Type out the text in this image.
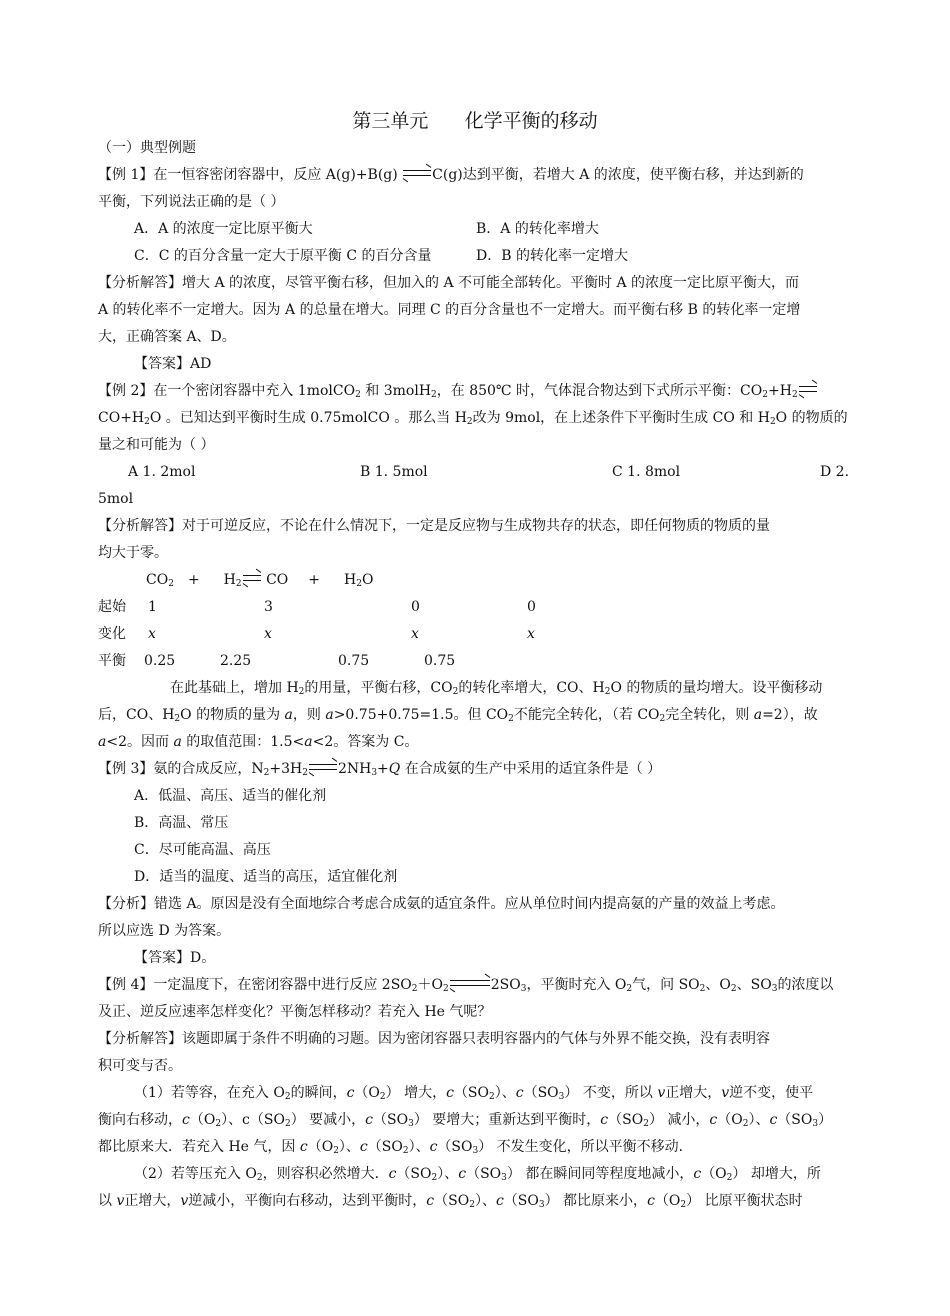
第三单元      化学平衡的移动
（一）典型例题
【例 1】在一恒容密闭容器中，反应 A(g)+B(g)
C(g)达到平衡，若增大 A 的浓度，使平衡右移，并达到新的
平衡，下列说法正确的是（ ）
A．A 的浓度一定比原平衡大	B．A 的转化率增大
C．C 的百分含量一定大于原平衡 C 的百分含量	D．B 的转化率一定增大
【分析解答】增大 A 的浓度，尽管平衡右移，但加入的 A 不可能全部转化。平衡时 A 的浓度一定比原平衡大，而
A 的转化率不一定增大。因为 A 的总量在增大。同理 C 的百分含量也不一定增大。而平衡右移 B 的转化率一定增
大，正确答案 A、D。
【答案】AD
【例 2】在一个密闭容器中充入 1molCO$_2$ 和 3molH$_2$，在 850℃ 时，气体混合物达到下式所示平衡：$CO_2+H_2$
$CO+H_2O$ 。已知达到平衡时生成 0.75molCO 。那么当 $H_2$改为 9mol，在上述条件下平衡时生成 CO 和 $H_2O$ 的物质的
量之和可能为（ ）
A 1. 2mol	B 1. 5mol	C 1. 8mol	D 2.
5mol
【分析解答】对于可逆反应，不论在什么情况下，一定是反应物与生成物共存的状态，即任何物质的物质的量
均大于零。
$CO_2 + H_2$
CO + $H_2O$
起始 1	3	0	0
变化 x	x	x	x
平衡 0.25	2.25	0.75	0.75
在此基础上，增加 $H_2$的用量，平衡右移，$CO_2$的转化率增大，CO、$H_2O$ 的物质的量均增大。设平衡移动
后，CO、$H_2O$ 的物质的量为 a，则 a>0.75+0.75=1.5。但 $CO_2$不能完全转化，（若 $CO_2$完全转化，则 a=2），故
a<2。因而 a 的取值范围：1.5<a<2。答案为 C。
【例 3】氨的合成反应，$N_2+3H_2$ $2NH_3+Q$ 在合成氨的生产中采用的适宜条件是（ ）
A．低温、高压、适当的催化剂
B．高温、常压
C．尽可能高温、高压
D．适当的温度、适当的高压，适宜催化剂
【分析】错选 A。原因是没有全面地综合考虑合成氨的适宜条件。应从单位时间内提高氨的产量的效益上考虑。
所以应选 D 为答案。
【答案】D。
【例 4】一定温度下，在密闭容器中进行反应 $2SO_2+O_2$	$2SO_3$，平衡时充入 $O_2$气，问 $SO_2$、$O_2$、$SO_3$的浓度以
及正、逆反应速率怎样变化？平衡怎样移动？若充入 He 气呢？
【分析解答】该题即属于条件不明确的习题。因为密闭容器只表明容器内的气体与外界不能交换，没有表明容
积可变与否。
（1）若等容，在充入 $O_2$的瞬间，$c(O_2)$ 增大，$c(SO_2)$、$c(SO_3)$ 不变，所以 v正增大，v逆不变，使平
衡向右移动，$c(O_2)$、$c(SO_2)$ 要减小，$c(SO_3)$ 要增大；重新达到平衡时，$c(SO_2)$ 减小，$c(O_2)$、$c(SO_3)$
都比原来大．若充入 He 气，因 $c(O_2)$、$c(SO_2)$、$c(SO_3)$ 不发生变化，所以平衡不移动．
（2）若等压充入 $O_2$，则容积必然增大．$c(SO_2)$、$c(SO_3)$ 都在瞬间同等程度地减小，$c(O_2)$ 却增大，所
以 v正增大，v逆减小，平衡向右移动，达到平衡时，$c(SO_2)$、$c(SO_3)$ 都比原来小，$c(O_2)$ 比原平衡状态时
